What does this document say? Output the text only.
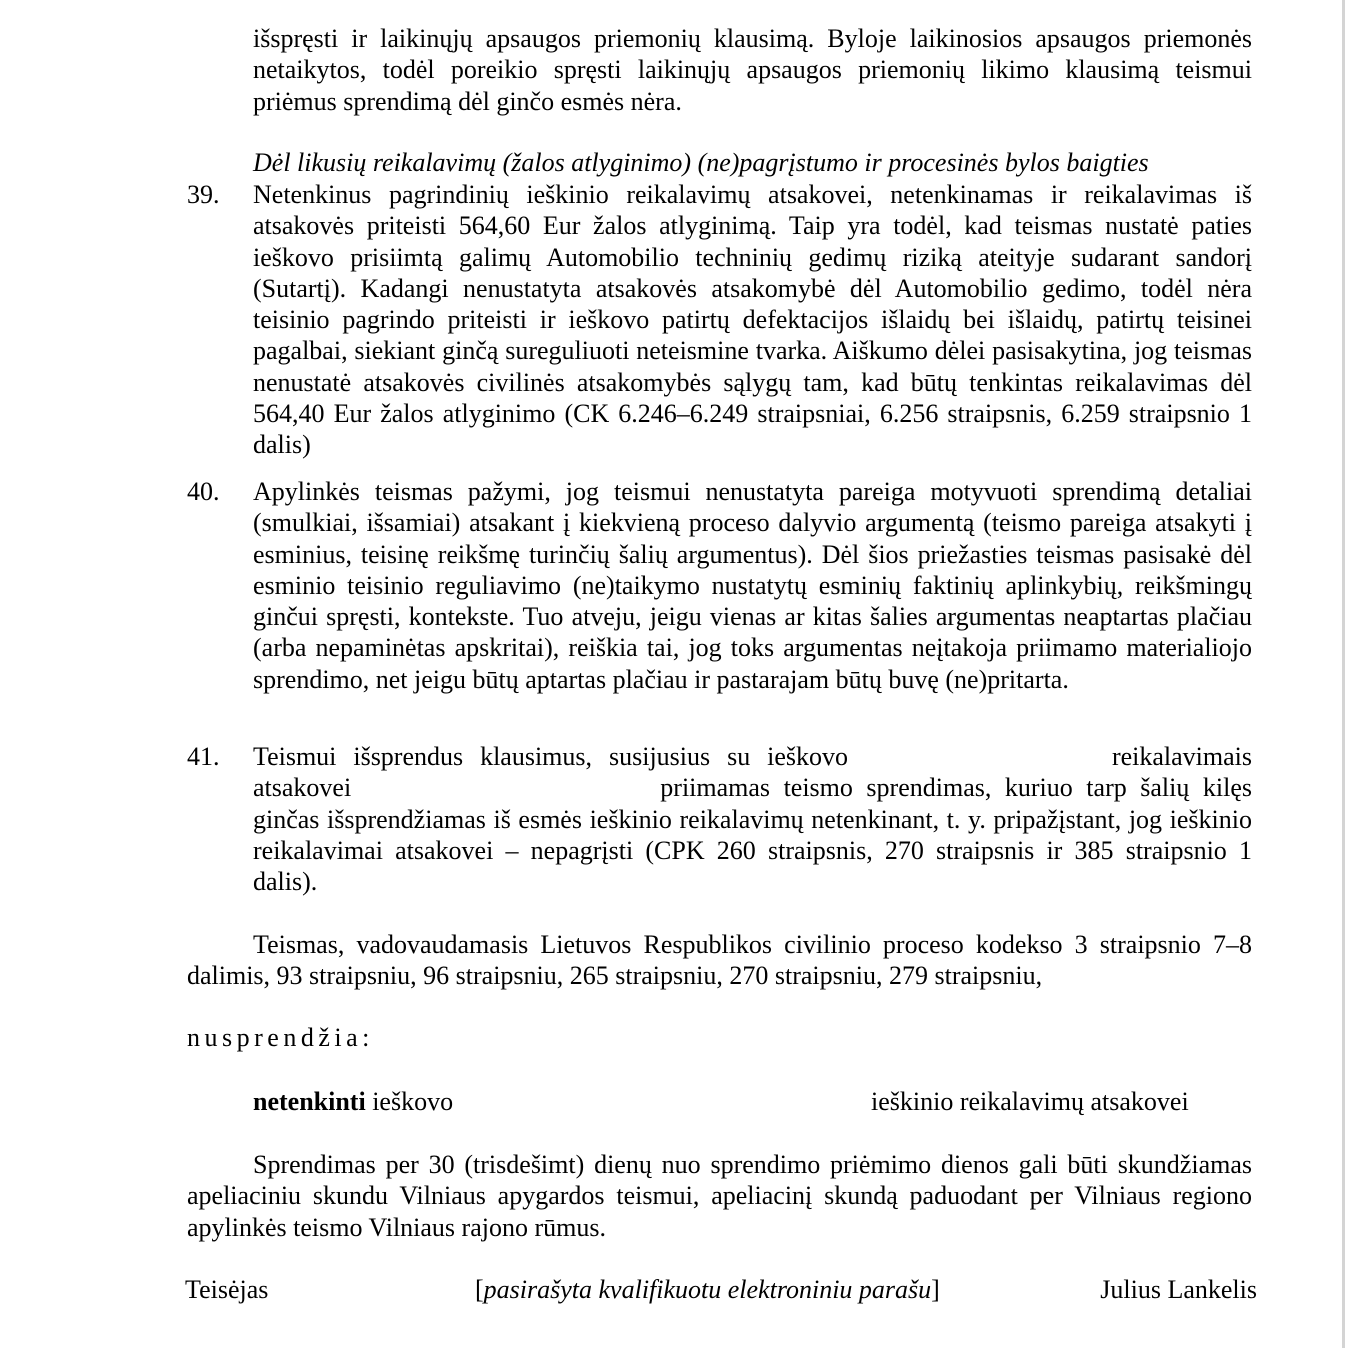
išspręsti ir laikinųjų apsaugos priemonių klausimą. Byloje laikinosios apsaugos priemonės netaikytos, todėl poreikio spręsti laikinųjų apsaugos priemonių likimo klausimą teismui priėmus sprendimą dėl ginčo esmės nėra.

Dėl likusių reikalavimų (žalos atlyginimo) (ne)pagrįstumo ir procesinės bylos baigties
39. Netenkinus pagrindinių ieškinio reikalavimų atsakovei, netenkinamas ir reikalavimas iš atsakovės priteisti 564,60 Eur žalos atlyginimą. Taip yra todėl, kad teismas nustatė paties ieškovo prisiimtą galimų Automobilio techninių gedimų riziką ateityje sudarant sandorį (Sutartį). Kadangi nenustatyta atsakovės atsakomybė dėl Automobilio gedimo, todėl nėra teisinio pagrindo priteisti ir ieškovo patirtų defektacijos išlaidų bei išlaidų, patirtų teisinei pagalbai, siekiant ginčą sureguliuoti neteismine tvarka. Aiškumo dėlei pasisakytina, jog teismas nenustatė atsakovės civilinės atsakomybės sąlygų tam, kad būtų tenkintas reikalavimas dėl 564,40 Eur žalos atlyginimo (CK 6.246–6.249 straipsniai, 6.256 straipsnis, 6.259 straipsnio 1 dalis)
40. Apylinkės teismas pažymi, jog teismui nenustatyta pareiga motyvuoti sprendimą detaliai (smulkiai, išsamiai) atsakant į kiekvieną proceso dalyvio argumentą (teismo pareiga atsakyti į esminius, teisinę reikšmę turinčių šalių argumentus). Dėl šios priežasties teismas pasisakė dėl esminio teisinio reguliavimo (ne)taikymo nustatytų esminių faktinių aplinkybių, reikšmingų ginčui spręsti, kontekste. Tuo atveju, jeigu vienas ar kitas šalies argumentas neaptartas plačiau (arba nepaminėtas apskritai), reiškia tai, jog toks argumentas neįtakoja priimamo materialiojo sprendimo, net jeigu būtų aptartas plačiau ir pastarajam būtų buvę (ne)pritarta.
41. Teismui išsprendus klausimus, susijusius su ieškovo	reikalavimais atsakovei	priimamas teismo sprendimas, kuriuo tarp šalių kilęs ginčas išsprendžiamas iš esmės ieškinio reikalavimų netenkinant, t. y. pripažįstant, jog ieškinio reikalavimai atsakovei – nepagrįsti (CPK 260 straipsnis, 270 straipsnis ir 385 straipsnio 1 dalis).

Teismas, vadovaudamasis Lietuvos Respublikos civilinio proceso kodekso 3 straipsnio 7–8 dalimis, 93 straipsniu, 96 straipsniu, 265 straipsniu, 270 straipsniu, 279 straipsniu,

nusprendžia:
netenkinti ieškovo	ieškinio reikalavimų atsakovei

Sprendimas per 30 (trisdešimt) dienų nuo sprendimo priėmimo dienos gali būti skundžiamas apeliaciniu skundu Vilniaus apygardos teismui, apeliacinį skundą paduodant per Vilniaus regiono apylinkės teismo Vilniaus rajono rūmus.

Teisėjas	[pasirašyta kvalifikuotu elektroniniu parašu]	Julius Lankelis
